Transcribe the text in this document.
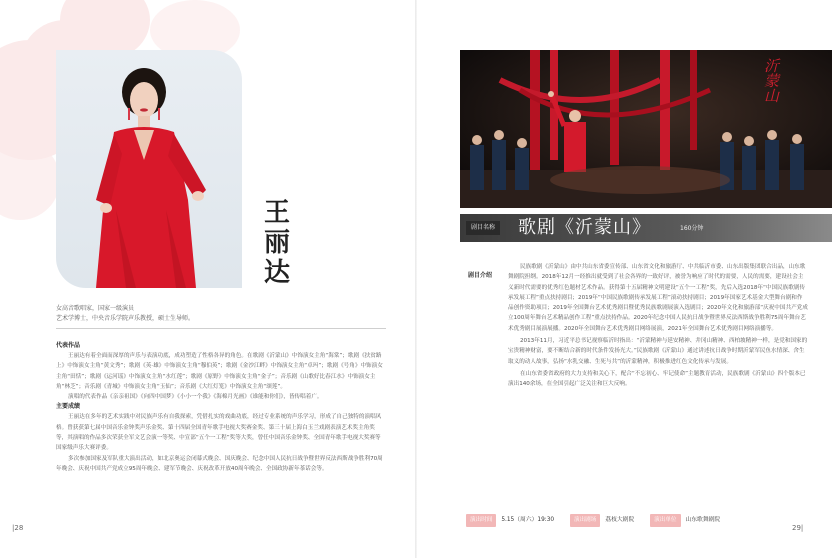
王
丽
达
女高音歌唱家，国家一级演员
艺术学博士，中央音乐学院声乐教授，硕士生导师。
代表作品

王丽达有着全面而深厚的声乐与表演功底，成功塑造了性格各异的角色。在歌剧《沂蒙山》中饰演女主角“海棠”；歌剧《扶贫路上》中饰演女主角“黄文秀”；歌剧《英·雄》中饰演女主角“穆伯英”；歌剧《金沙江畔》中饰演女主角“卓玛”；歌剧《号角》中饰演女主角“田恬”；歌剧《运河谣》中饰演女主角“水红莲”；歌剧《原野》中饰演女主角“金子”；音乐剧《山歌好比春江水》中饰演女主角“林芝”；音乐剧《青城》中饰演女主角“玉仙”；音乐剧《大红灯笼》中饰演女主角“颂莲”。

演唱的代表作品《亲亲祖国》《向四中国梦》《小小一个我》《海棉月光画》《谁能和你们》，皆传唱着广。

主要成绩

王丽达在多年的艺术实践中对民族声乐有自我探索，凭借扎实的戏曲功底，经过专业系统的声乐学习，形成了自己独特的演唱风格。曾获获第七届中国音乐金钟奖声乐金奖、第十四届全国青年歌手电视大奖赛金奖、第三十届上海白玉兰戏剧表演艺术奖主角奖等，其演唱的作品多次荣获全军文艺会演一等奖、中宣部“五个一工程”奖等大奖，曾任中国音乐金钟奖、全国青年歌手电视大奖赛等国家级声乐大赛评委。

多次参加国家及军队重大演出活动，如北京奥运会闭幕式晚会、国庆晚会、纪念中国人民抗日战争暨世界反法西斯战争胜利70周年晚会、庆祝中国共产党成立95周年晚会、建军节晚会、庆祝改革开放40周年晚会、全国政协新年茶话会等。

|28
沂蒙山
剧目名称 歌剧《沂蒙山》	160分钟
剧目介绍

民族歌剧《沂蒙山》由中共山东省委宣传部、山东省文化和旅游厅、中共临沂市委、山东出版集团联合出品，山东歌舞剧院担纲。2018年12月一经推出就受到了社会各界的一致好评，被誉为响应了时代的需要，人民的需要，建设社会主义新时代需要的优秀红色题材艺术作品。获得第十五届精神文明建设“五个一工程”奖，先后入选2018年“中国民族歌剧传承发展工程”重点扶持剧目；2019年“中国民族歌剧传承发展工程”滚动扶持剧目；2019年国家艺术基金大型舞台剧和作品创作资助项目；2019年全国舞台艺术优秀剧目暨优秀民族歌剧展演入选剧目；2020年文化和旅游部“庆祝中国共产党成立100周年舞台艺术精品创作工程”重点扶持作品。2020年纪念中国人民抗日战争暨世界反法西斯战争胜利75周年舞台艺术优秀剧目展演展播。2020年全国舞台艺术优秀剧目网络展演，2021年全国舞台艺术优秀剧目网络演播等。

2013年11月，习近平总书记视察临沂时指出：“沂蒙精神与延安精神、井冈山精神、西柏坡精神一样，是党和国家的宝贵精神财富，要不断结合新的时代条件发扬光大。”民族歌剧《沂蒙山》通过讲述抗日战争时期沂蒙军民鱼水情深、舍生取义的动人故事，弘扬“水乳交融、生死与共”的沂蒙精神，积极推进红色文化传承与发展。

在山东省委省政府的大力支持和关心下，配合“不忘初心、牢记使命”主题教育活动，民族歌剧《沂蒙山》四个版本已演出140余场，在全国引起广泛关注和巨大反响。

演出时间 5.15（周六）19:30	演出剧场 荔枝大剧院	演出单位 山东歌舞剧院
29|
